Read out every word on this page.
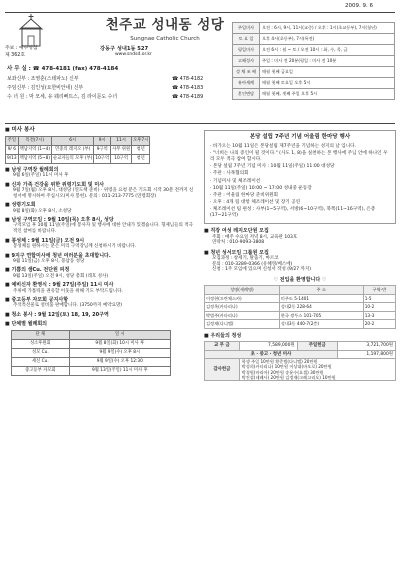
2009. 9. 6
주보 : 예수성심
제 362호
천주교 성내동 성당
Sungnae Catholic Church
강동구 성내1동 527
www.sndsd.or.kr
주일미사	오전 : 6시, 9시, 11시(교중) / 오후 : 1시(초교등부), 7시(청년)
토 요 일	오후 4시(초등부), 7시(특전)
평일미사	오전 6시 : 월 ~ 토 / 오전 10시 : 화, 수, 목, 금
고해성사	주일 : 미사 전 20분(평일 : 미사 전 10분
성 체 조 배	매월 첫째 금요일
유아세례	매월 첫째 토요일 오후 5시
혼인면담	매월 첫째, 셋째 주일 오후 5시
사 무 실 : ☎ 478-4181 (fax) 478-4184
보좌신부 : 조영훈(스테파노) 신부	☎ 478-4182
주임신부 : 김인성(요한비안네) 신부	☎ 478-4183
수 녀 원 : 막 모세, 유 웨리뻐뜨스, 김 라이문도 수녀	☎ 478-4189
■ 미사 봉사
주일	특전(7시)	6시	9시	11시	오후7시
9/ 6	맥남지역 (1~4)	민중의 레지오 (부)	9구역	사무 위원	청년
9/13	맥남지역 (5~8)	순교자들의 모후 (부)	10구역	10구역	청년
■ 남성 구역장 월례회의
9월 6일(주일) 11시 미사 후
■ 신자 가족 건강을 위한 위령기도회 및 미사
9월 7일(월) 오후 8시, 대성당 (연도책 준비) · 위령을 요청 분은 기도회 시작 30분 전까지 신청서에 명시하여 주십시오(미사 봉헌). 문의 : 011-213-7775 (연령회장)
■ 성령기도회
9월 8일(화) 오후 8시, 소성당
■ 남성 구역모임 : 9월 10일(목) 오후 8시, 성당
구역모임 후 10월 11일(주일)에 봉사자 및 행사에 대한 안내가 있겠습니다. 형제님들의 적극적인 참여를 바랍니다.
■ 봉성체 : 9월 11일(금) 오전 9시
봉성체를 원하시는 분은 미리 구역장님께 신청하시기 바랍니다.
■ 9지구 연합미사에 청년 여러분을 초대합니다.
9월 11일(금) 오후 8시, 풍납동 성당
■ 기쁨의 샘Cu. 전단원 피정
9월 13일(주일) 오전 9시, 성당 총회 (레호 성사)
■ 예비신자 환영식 : 9월 27일(주일) 11시 미사
주위에 가톨릭을 권유할 이웃을 위해 기도 부탁드립니다.
■ 중고등부 자모회 공지사항
추석특선물로 설비품 판매합니다. (3750까지 예약요망)
■ 청소 봉사 : 9월 12일(토) 18, 19, 20구역
■ 단체별 월례회의
단 체	일 시
성소후원회	9월 8일(화) 10시 미사 후
성모 Cu.	9월 9일(수) 오후 8시
세신 Cu.	9월 9일(수) 오후 12:30
중고등부 자모회	9월 13일(주일) 11시 미사 후
본당 설립 7주년 기념 어울림 한마당 행사

· 바가오는 10월 11일은 본당설립 제7주년을 기념하는 성지의 날 입니다.

· "너희는 나의 증인이 될 것이다." (사도 1, 8)을 실천하는 본 행사에 주님 안에 하나인 우리 모두 적극 참여 합시다.

· 본당 설립 7주년 기념 미사 : 10월 11일(주일) 11:00 대성당

· 주관 : 사목협의회

· 기념미사 및 체조레이션

· 10월 11일(주일) 10:00 ~ 17:00 성내중 운동장

· 주관 : 어울림 한마당 준비위원회

· 오후 : 4개 팀 대항 체조레이션 및 장기 공연

· 체조레이션 팀 편성 : 사부(1~5구역), 서방(6~10구역), 북쪽(11~16구역), 은총(17~21구역)

■ 직장 여성 레지오단원 모집

주회 : 매주 수요일 저녁 8시, 교육관 103호

연락처 : 010-9093-3808

■ 청년 성서모임 그룹원 모집

모집과정 : 창세기, 탈출기, 마르코

문의 : 010-3289-0366 (유혜영/베스에)

신청 : 1주 모임에 있으며 신청서 작성 (9/27 까지)

♡ 전입을 환영합니다 ♡
성명(세례명)	주 소	구역-반
이정현(프란체스카)	미주도 5-1401	1-5
김정옥(카타리나)	성내2동 228-64	10-2
박범주(카타리나)	한국 쌍투스 101-705	13-3
김정재(다니엘)	성내3동 440-7(2층)	20-2
■ 우리들의 정성
교 무 금	7,589,000원	주일헌금	3,721,700원
초 · 중고 · 청년 미사			1,197,800원
감사헌금	학생 주일 10만원 황준범(다니엘) 20만원
박성희(카타리나) 10만원 이상대(바오로) 20만원
박경원(마리아) 20만원 송윤수(요셉) 30만원
박진섭(데레사) 20만원 김정재(크레고리오) 10만원		
